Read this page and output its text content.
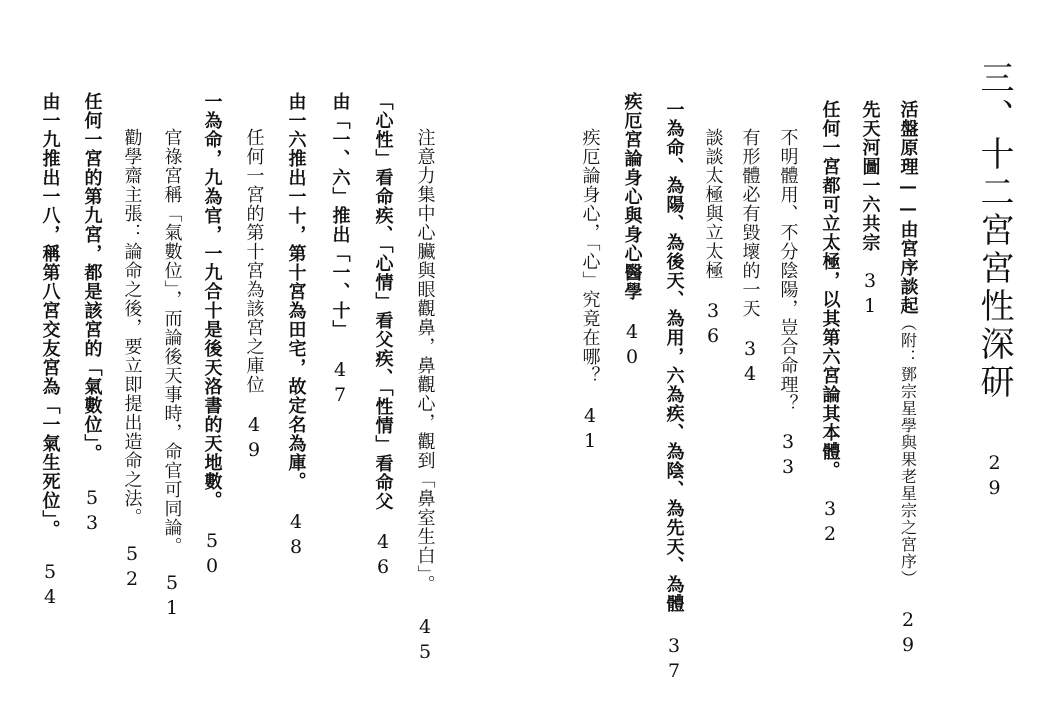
三、十二宮宮性深研
29
活盤原理——由宮序談起
（附：鄧宗星學與果老星宗之宮序）
29
先天河圖一六共宗
31
任何一宮都可立太極，以其第六宮論其本體。
32
不明體用、不分陰陽，豈合命理？
33
有形體必有毀壞的一天
34
談談太極與立太極
36
一為命、為陽、為後天、為用，六為疾、為陰、為先天、為體
37
疾厄宮論身心與身心醫學
40
疾厄論身心，「心」究竟在哪？
41
注意力集中心臟與眼觀鼻，鼻觀心，觀到「鼻室生白」。
45
「心性」看命疾、「心情」看父疾、「性情」看命父
46
由「一、六」推出「一、十」
47
由一六推出一十，第十宮為田宅，故定名為庫。
48
任何一宮的第十宮為該宮之庫位
49
一為命，九為官，一九合十是後天洛書的天地數。
50
官祿宮稱「氣數位」，而論後天事時，命官可同論。
51
勸學齋主張：論命之後，要立即提出造命之法。
52
任何一宮的第九宮，都是該宮的「氣數位」。
53
由一九推出一八，稱第八宮交友宮為「一氣生死位」。
54
